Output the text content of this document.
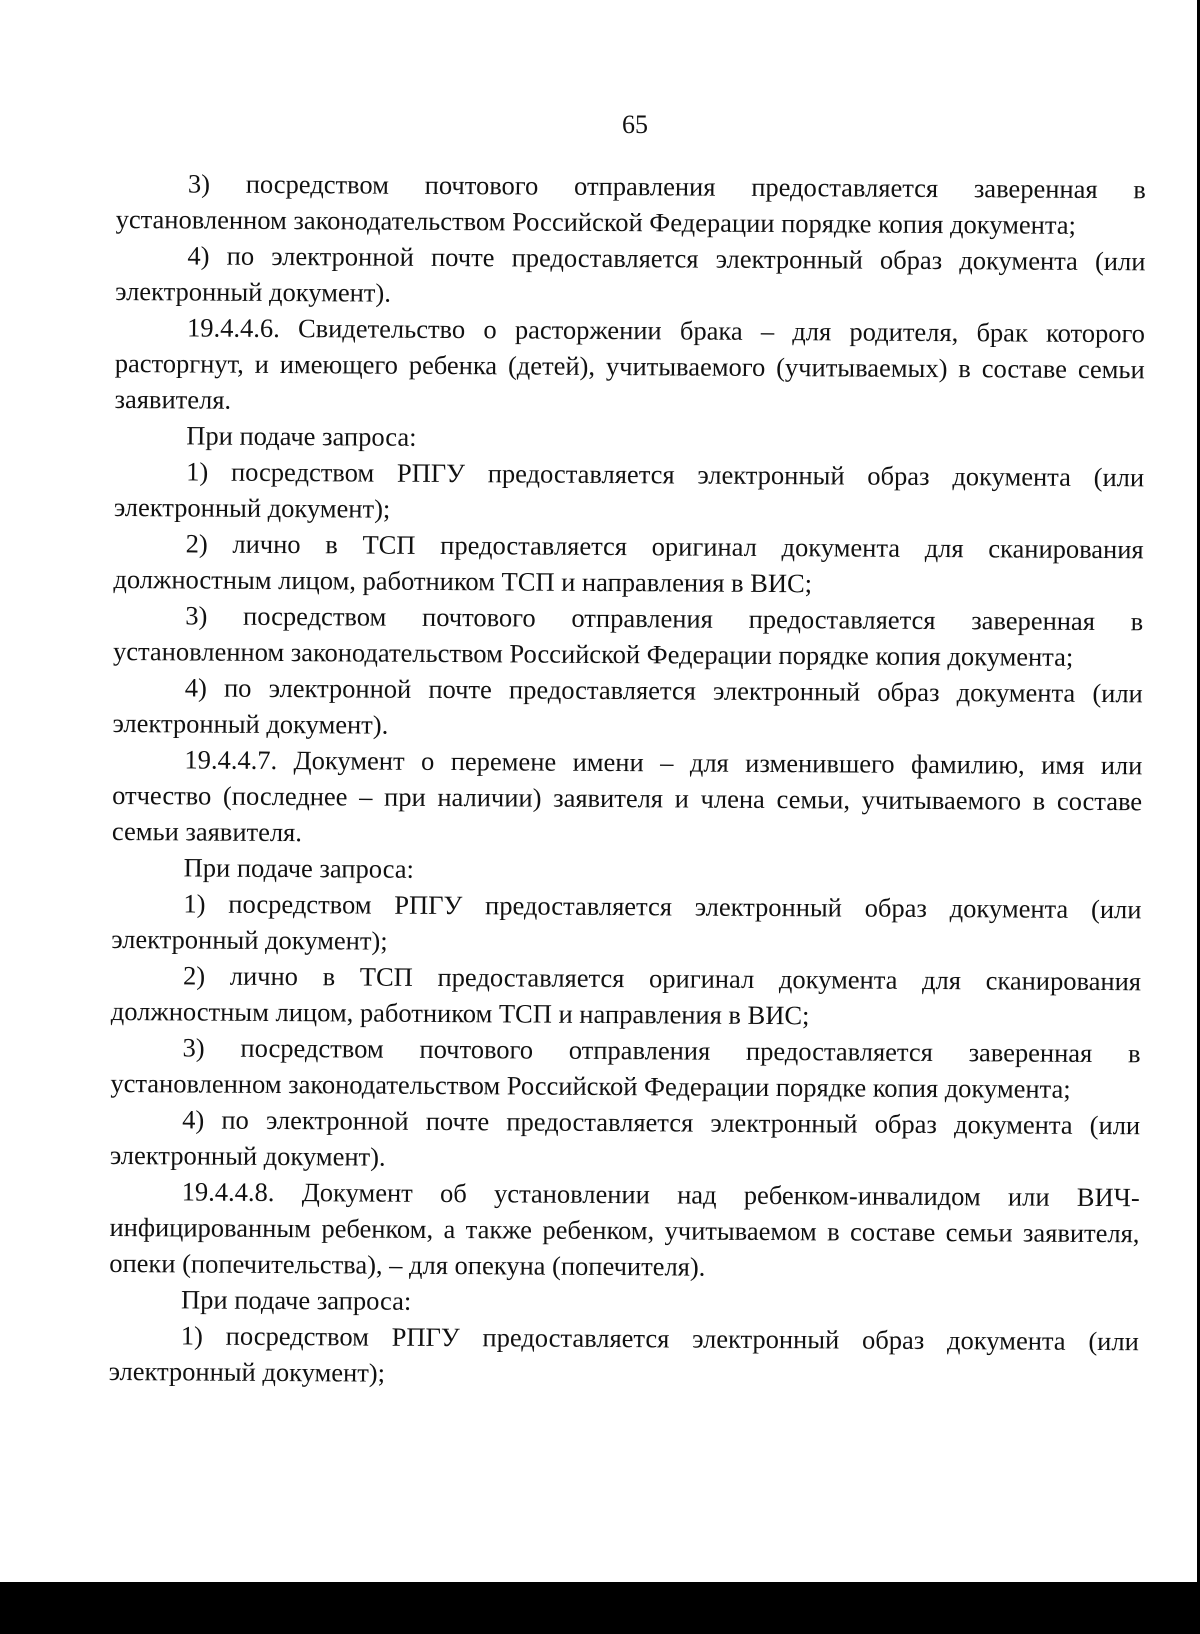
65

3) посредством почтового отправления предоставляется заверенная в установленном законодательством Российской Федерации порядке копия документа;

4) по электронной почте предоставляется электронный образ документа (или электронный документ).

19.4.4.6. Свидетельство о расторжении брака – для родителя, брак которого расторгнут, и имеющего ребенка (детей), учитываемого (учитываемых) в составе семьи заявителя.

При подаче запроса:

1) посредством РПГУ предоставляется электронный образ документа (или электронный документ);

2) лично в ТСП предоставляется оригинал документа для сканирования должностным лицом, работником ТСП и направления в ВИС;

3) посредством почтового отправления предоставляется заверенная в установленном законодательством Российской Федерации порядке копия документа;

4) по электронной почте предоставляется электронный образ документа (или электронный документ).

19.4.4.7. Документ о перемене имени – для изменившего фамилию, имя или отчество (последнее – при наличии) заявителя и члена семьи, учитываемого в составе семьи заявителя.

При подаче запроса:

1) посредством РПГУ предоставляется электронный образ документа (или электронный документ);

2) лично в ТСП предоставляется оригинал документа для сканирования должностным лицом, работником ТСП и направления в ВИС;

3) посредством почтового отправления предоставляется заверенная в установленном законодательством Российской Федерации порядке копия документа;

4) по электронной почте предоставляется электронный образ документа (или электронный документ).

19.4.4.8. Документ об установлении над ребенком-инвалидом или ВИЧ-инфицированным ребенком, а также ребенком, учитываемом в составе семьи заявителя, опеки (попечительства), – для опекуна (попечителя).

При подаче запроса:

1) посредством РПГУ предоставляется электронный образ документа (или электронный документ);
